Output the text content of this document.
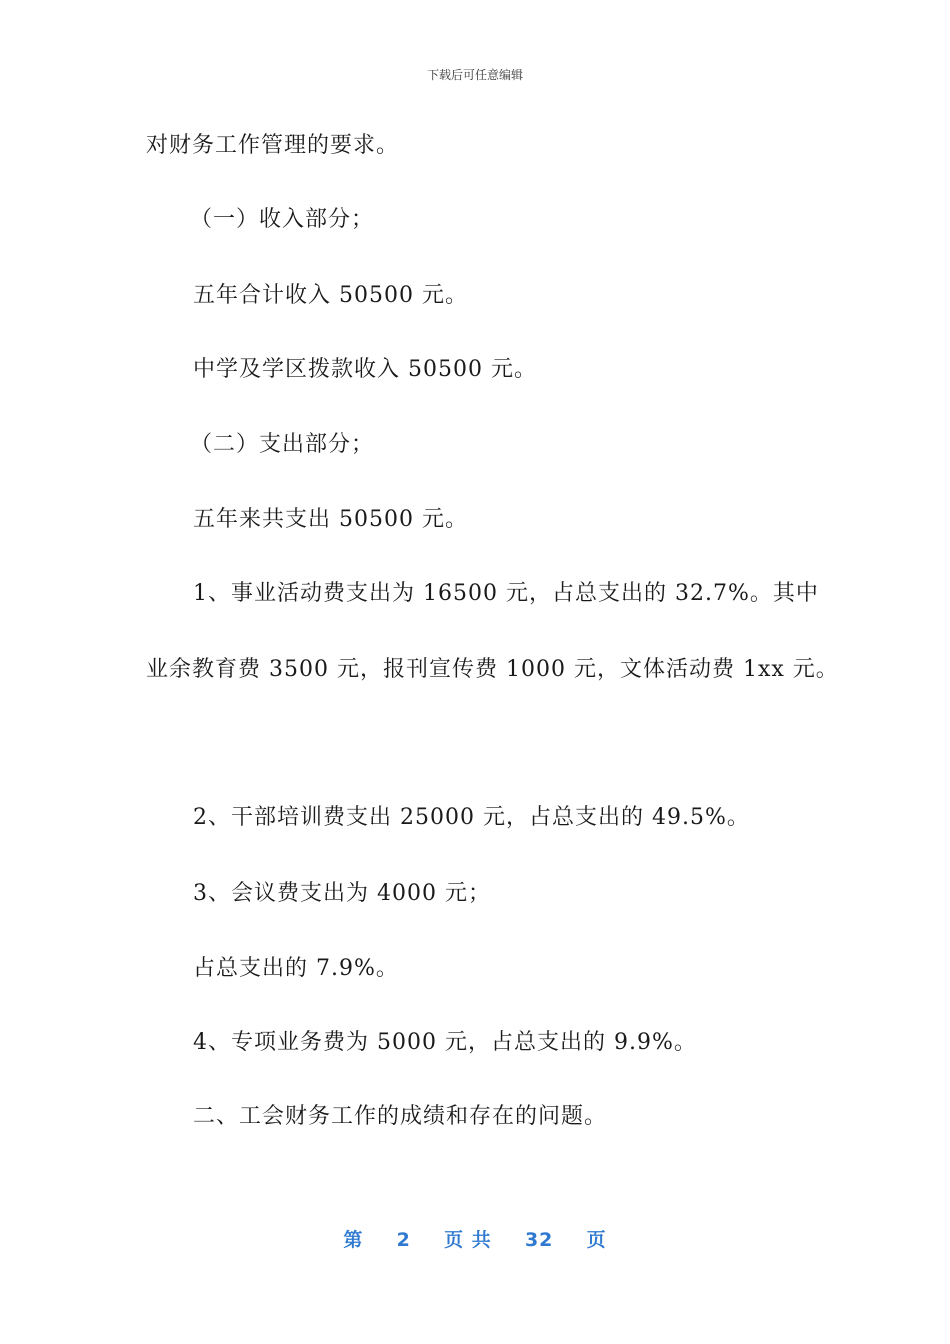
下载后可任意编辑
对财务工作管理的要求。
（一）收入部分；
五年合计收入 50500 元。
中学及学区拨款收入 50500 元。
（二）支出部分；
五年来共支出 50500 元。
1、事业活动费支出为 16500 元，占总支出的 32.7%。其中
业余教育费 3500 元，报刊宣传费 1000 元，文体活动费 1xx 元。
2、干部培训费支出 25000 元，占总支出的 49.5%。
3、会议费支出为 4000 元；
占总支出的 7.9%。
4、专项业务费为 5000 元，占总支出的 9.9%。
二、工会财务工作的成绩和存在的问题。
第 2 页 共 32 页
